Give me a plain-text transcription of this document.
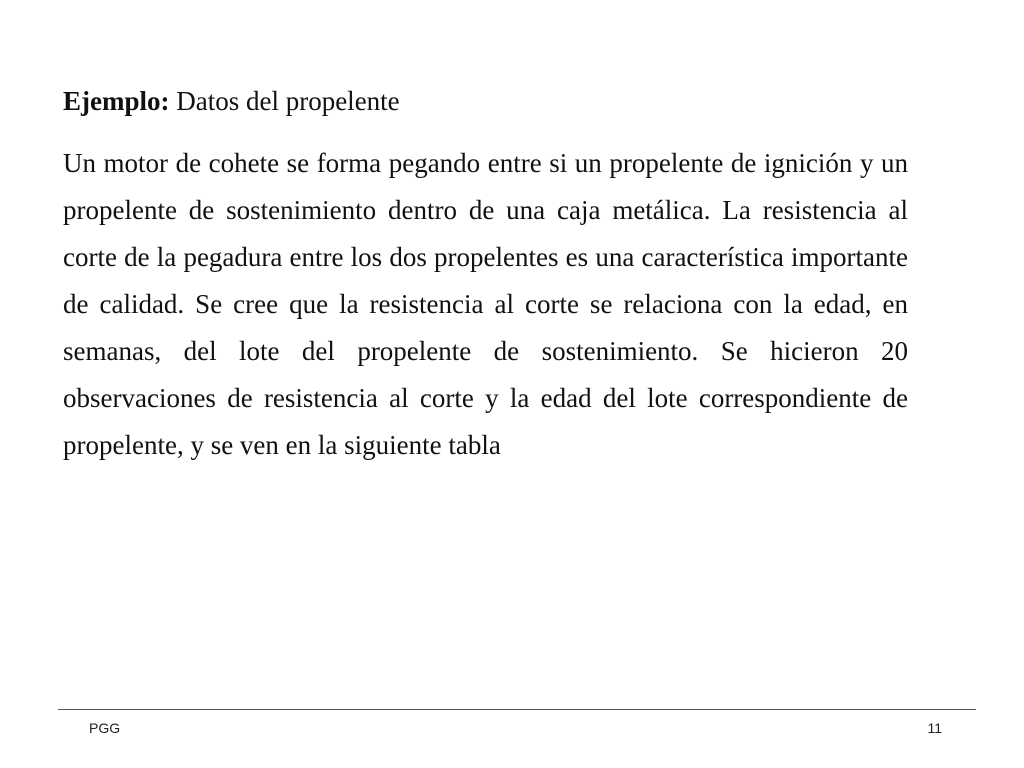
Ejemplo: Datos del propelente
Un motor de cohete se forma pegando entre si un propelente de ignición y un propelente de sostenimiento dentro de una caja metálica. La resistencia al corte de la pegadura entre los dos propelentes es una característica importante de calidad. Se cree que la resistencia al corte se relaciona con la edad, en semanas, del lote del propelente de sostenimiento. Se hicieron 20 observaciones de resistencia al corte y la edad del lote correspondiente de propelente, y se ven en la siguiente tabla
PGG	11
